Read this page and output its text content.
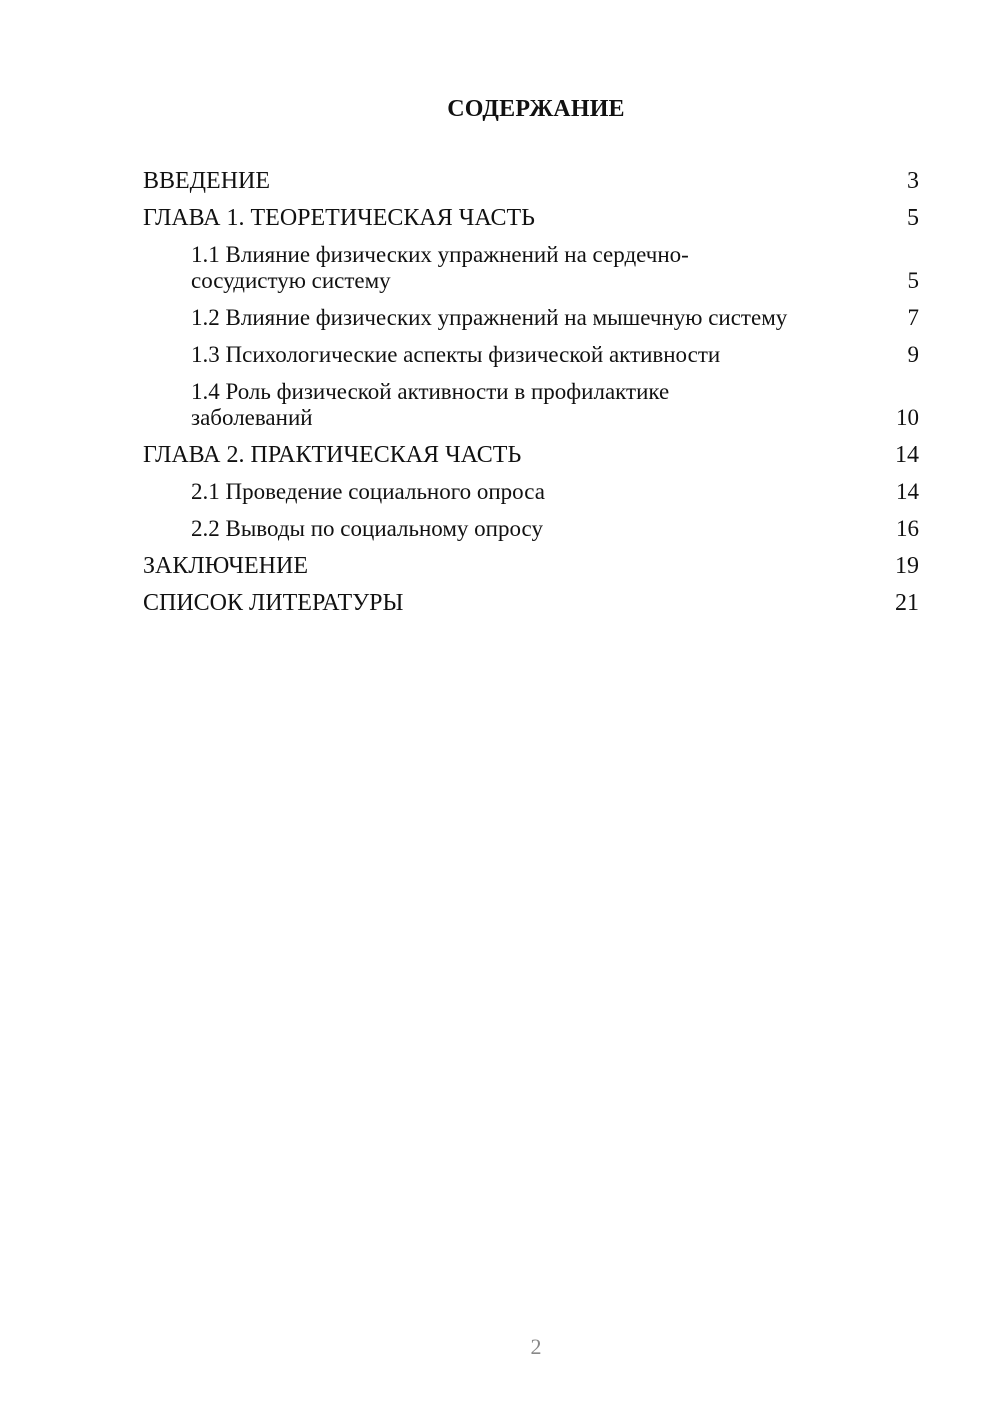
СОДЕРЖАНИЕ
ВВЕДЕНИЕ	3
ГЛАВА 1. ТЕОРЕТИЧЕСКАЯ ЧАСТЬ	5
1.1 Влияние физических упражнений на сердечно-сосудистую систему	5
1.2 Влияние физических упражнений на мышечную систему	7
1.3 Психологические аспекты физической активности	9
1.4 Роль физической активности в профилактике заболеваний	10
ГЛАВА 2. ПРАКТИЧЕСКАЯ ЧАСТЬ	14
2.1 Проведение социального опроса	14
2.2 Выводы по социальному опросу	16
ЗАКЛЮЧЕНИЕ	19
СПИСОК ЛИТЕРАТУРЫ	21
2
